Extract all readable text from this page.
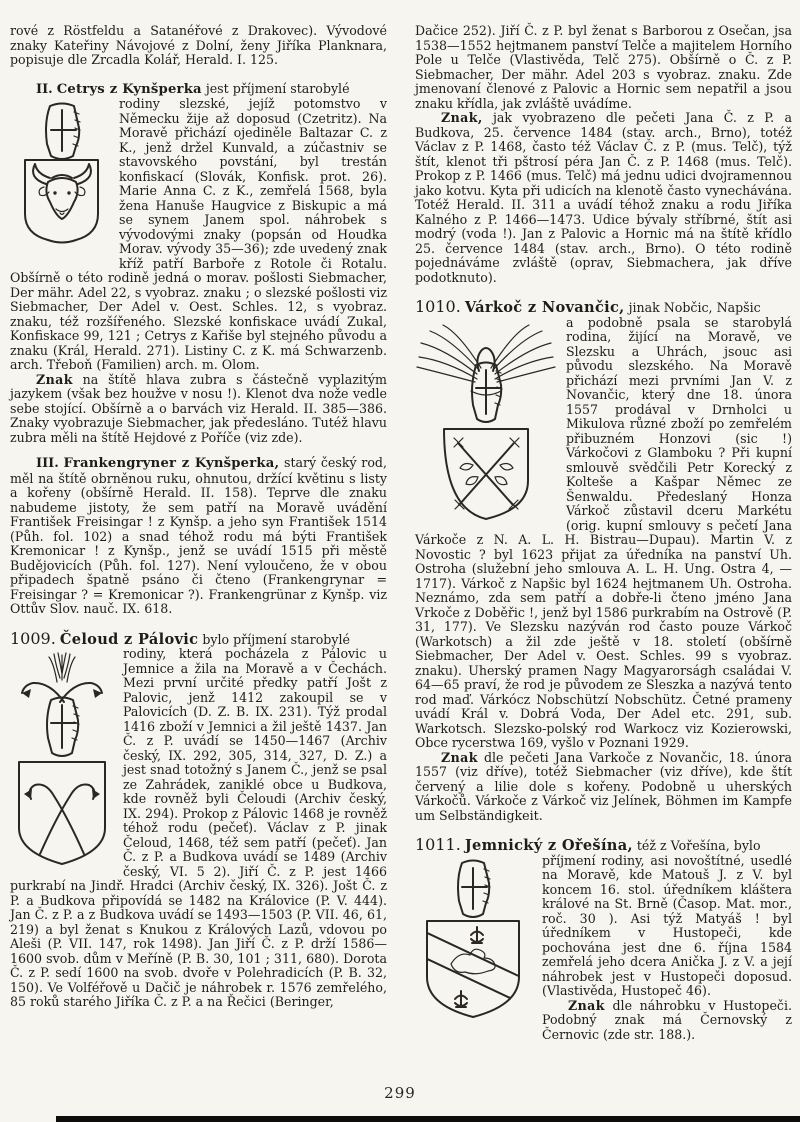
rové z Röstfeldu a Satanéřové z Drakovec). Vývodové znaky Kateřiny Návojové z Dolní, ženy Jiříka Planknara, popisuje dle Zrcadla Kolář, Herald. I. 125.

II. Cetrys z Kynšperka jest příjmení starobylé

rodiny slezské, jejíž potomstvo v Německu žije až doposud (Czetritz). Na Moravě přichází ojediněle Baltazar C. z K., jenž držel Kunvald, a zúčastniv se stavovského povstání, byl trestán konfiskací (Slovák, Konfisk. prot. 26). Marie Anna C. z K., zemřelá 1568, byla žena Hanuše Haugvice z Biskupic a má se synem Janem spol. náhrobek s vývodovými znaky (popsán od Houdka Morav. vývody 35—36); zde uvedený znak kříž patří Barboře z Rotole či Rotalu. Obšírně o této rodině jedná o morav. pošlosti Siebmacher, Der mähr. Adel 22, s vyobraz. znaku ; o slezské pošlosti viz Siebmacher, Der Adel v. Oest. Schles. 12, s vyobraz. znaku, též rozšířeného. Slezské konfiskace uvádí Zukal, Konfiskace 99, 121 ; Cetrys z Kařiše byl stejného původu a znaku (Král, Herald. 271). Listiny C. z K. má Schwarzenb. arch. Třeboň (Familien) arch. m. Olom.

Znak na štítě hlava zubra s částečně vyplazitým jazykem (však bez houžve v nosu !). Klenot dva nože vedle sebe stojící. Obšírně a o barvách viz Herald. II. 385—386. Znaky vyobrazuje Siebmacher, jak předesláno. Tutéž hlavu zubra měli na štítě Hejdové z Poříče (viz zde).

III. Frankengryner z Kynšperka, starý český rod, měl na štítě obrněnou ruku, ohnutou, držící květinu s listy a kořeny (obšírně Herald. II. 158). Teprve dle znaku nabudeme jistoty, že sem patří na Moravě uvádění František Freisingar ! z Kynšp. a jeho syn František 1514 (Půh. fol. 102) a snad téhož rodu má býti František Kremonicar ! z Kynšp., jenž se uvádí 1515 při městě Budějovicích (Půh. fol. 127). Není vyloučeno, že v obou připadech špatně psáno či čteno (Frankengrynar = Freisingar ? = Kremonicar ?). Frankengrünar z Kynšp. viz Ottův Slov. nauč. IX. 618.

1009. Čeloud z Pálovic bylo příjmení starobylé

rodiny, která pocházela z Pálovic u Jemnice a žila na Moravě a v Čechách. Mezi první určité předky patří Jošt z Palovic, jenž 1412 zakoupil se v Palovicích (D. Z. B. IX. 231). Týž prodal 1416 zboží v Jemnici a žil ještě 1437. Jan Č. z P. uvádí se 1450—1467 (Archiv český, IX. 292, 305, 314, 327, D. Z.) a jest snad totožný s Janem Č., jenž se psal ze Zahrádek, zaniklé obce u Budkova, kde rovněž byli Čeloudi (Archiv český, IX. 294). Prokop z Pálovic 1468 je rovněž téhož rodu (pečeť). Václav z P. jinak Čeloud, 1468, též sem patří (pečeť). Jan Č. z P. a Budkova uvádí se 1489 (Archiv český, VI. 5 2). Jiří Č. z P. jest 1466 purkrabí na Jindř. Hradci (Archiv český, IX. 326). Jošt Č. z P. a Budkova připovídá se 1482 na Královice (P. V. 444). Jan Č. z P. a z Budkova uvádí se 1493—1503 (P. VII. 46, 61, 219) a byl ženat s Knukou z Králových Lazů, vdovou po Aleši (P. VII. 147, rok 1498). Jan Jiří Č. z P. drží 1586—1600 svob. dům v Meříně (P. B. 30, 101 ; 311, 680). Dorota Č. z P. sedí 1600 na svob. dvoře v Polehradicích (P. B. 32, 150). Ve Volféřově u Dačič je náhrobek r. 1576 zemřelého, 85 roků starého Jiříka Č. z P. a na Řečici (Beringer,

Dačice 252). Jiří Č. z P. byl ženat s Barborou z Osečan, jsa 1538—1552 hejtmanem panství Telče a majitelem Horního Pole u Telče (Vlastivěda, Telč 275). Obšírně o Č. z P. Siebmacher, Der mähr. Adel 203 s vyobraz. znaku. Zde jmenovaní členové z Palovic a Hornic sem nepatřil a jsou znaku křídla, jak zvláště uvádíme.

Znak, jak vyobrazeno dle pečeti Jana Č. z P. a Budkova, 25. července 1484 (stav. arch., Brno), totéž Václav z P. 1468, často též Václav Č. z P. (mus. Telč), týž štít, klenot tři pštrosí péra Jan Č. z P. 1468 (mus. Telč). Prokop z P. 1466 (mus. Telč) má jednu udici dvojramennou jako kotvu. Kyta při udicích na klenotě často vynechávána. Totéž Herald. II. 311 a uvádí téhož znaku a rodu Jiříka Kalného z P. 1466—1473. Udice bývaly stříbrné, štít asi modrý (voda !). Jan z Palovic a Hornic má na štítě křídlo 25. července 1484 (stav. arch., Brno). O této rodině pojednáváme zvláště (oprav, Siebmachera, jak dříve podotknuto).

1010. Várkoč z Novančic, jinak Nobčic, Napšic

a podobně psala se starobylá rodina, žijící na Moravě, ve Slezsku a Uhrách, jsouc asi původu slezského. Na Moravě přichází mezi prvními Jan V. z Novančic, který dne 18. února 1557 prodával v Drnholci u Mikulova různé zboží po zemřelém přibuzném Honzovi (sic !) Várkočovi z Glamboku ? Při kupní smlouvě svědčili Petr Korecký z Kolteše a Kašpar Němec ze Šenwaldu. Předeslaný Honza Várkoč zůstavil dceru Markétu (orig. kupní smlouvy s pečetí Jana Várkoče z N. A. L. H. Bistrau—Dupau). Martin V. z Novostic ? byl 1623 přijat za úředníka na panství Uh. Ostroha (služební jeho smlouva A. L. H. Ung. Ostra 4, —1717). Várkoč z Napšic byl 1624 hejtmanem Uh. Ostroha. Neznámo, zda sem patří a dobře-li čteno jméno Jana Vrkoče z Doběřic !, jenž byl 1586 purkrabím na Ostrově (P. 31, 177). Ve Slezsku nazýván rod často pouze Várkoč (Warkotsch) a žil zde ještě v 18. století (obšírně Siebmacher, Der Adel v. Oest. Schles. 99 s vyobraz. znaku). Uherský pramen Nagy Magyarorságh családai V. 64—65 praví, že rod je původem ze Sleszka a nazývá tento rod maď. Várkócz Nobschützí Nobschütz. Četné prameny uvádí Král v. Dobrá Voda, Der Adel etc. 291, sub. Warkotsch. Slezsko-polský rod Warkocz viz Kozierowski, Obce rycerstwa 169, vyšlo v Poznani 1929.

Znak dle pečeti Jana Varkoče z Novančic, 18. února 1557 (viz dříve), totéž Siebmacher (viz dříve), kde štít červený a lilie dole s kořeny. Podobně u uherských Várkočů. Várkoče z Várkoč viz Jelínek, Böhmen im Kampfe um Selbständigkeit.

1011. Jemnický z Ořešína, též z Vořešína, bylo

příjmení rodiny, asi novoštítné, usedlé na Moravě, kde Matouš J. z V. byl koncem 16. stol. úředníkem kláštera králové na St. Brně (Časop. Mat. mor., roč. 30 ). Asi týž Matyáš ! byl úředníkem v Hustopeči, kde pochována jest dne 6. října 1584 zemřelá jeho dcera Anička J. z V. a její náhrobek jest v Hustopeči doposud. (Vlastivěda, Hustopeč 46).

Znak dle náhrobku v Hustopeči. Podobný znak má Černovský z Černovic (zde str. 188.).

299
